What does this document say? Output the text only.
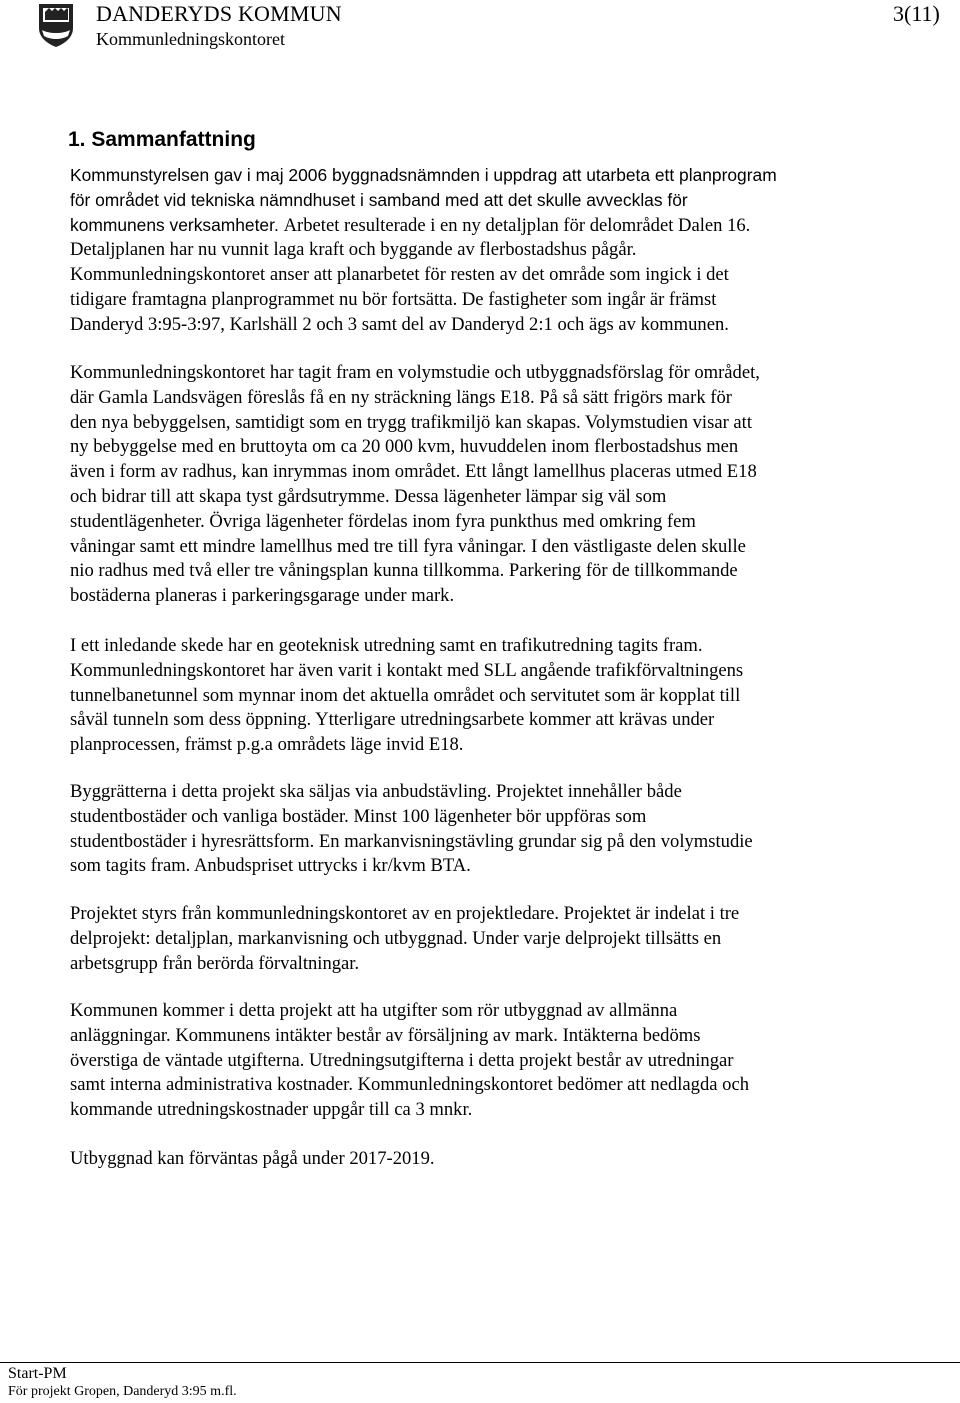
DANDERYDS KOMMUN
Kommunledningskontoret
3(11)
1. Sammanfattning

Kommunstyrelsen gav i maj 2006 byggnadsnämnden i uppdrag att utarbeta ett planprogram
för området vid tekniska nämndhuset i samband med att det skulle avvecklas för
kommunens verksamheter. Arbetet resulterade i en ny detaljplan för delområdet Dalen 16.
Detaljplanen har nu vunnit laga kraft och byggande av flerbostadshus pågår.
Kommunledningskontoret anser att planarbetet för resten av det område som ingick i det
tidigare framtagna planprogrammet nu bör fortsätta. De fastigheter som ingår är främst
Danderyd 3:95-3:97, Karlshäll 2 och 3 samt del av Danderyd 2:1 och ägs av kommunen.

Kommunledningskontoret har tagit fram en volymstudie och utbyggnadsförslag för området,
där Gamla Landsvägen föreslås få en ny sträckning längs E18. På så sätt frigörs mark för
den nya bebyggelsen, samtidigt som en trygg trafikmiljö kan skapas. Volymstudien visar att
ny bebyggelse med en bruttoyta om ca 20 000 kvm, huvuddelen inom flerbostadshus men
även i form av radhus, kan inrymmas inom området. Ett långt lamellhus placeras utmed E18
och bidrar till att skapa tyst gårdsutrymme. Dessa lägenheter lämpar sig väl som
studentlägenheter. Övriga lägenheter fördelas inom fyra punkthus med omkring fem
våningar samt ett mindre lamellhus med tre till fyra våningar. I den västligaste delen skulle
nio radhus med två eller tre våningsplan kunna tillkomma. Parkering för de tillkommande
bostäderna planeras i parkeringsgarage under mark.

I ett inledande skede har en geoteknisk utredning samt en trafikutredning tagits fram.
Kommunledningskontoret har även varit i kontakt med SLL angående trafikförvaltningens
tunnelbanetunnel som mynnar inom det aktuella området och servitutet som är kopplat till
såväl tunneln som dess öppning. Ytterligare utredningsarbete kommer att krävas under
planprocessen, främst p.g.a områdets läge invid E18.

Byggrätterna i detta projekt ska säljas via anbudstävling. Projektet innehåller både
studentbostäder och vanliga bostäder. Minst 100 lägenheter bör uppföras som
studentbostäder i hyresrättsform. En markanvisningstävling grundar sig på den volymstudie
som tagits fram. Anbudspriset uttrycks i kr/kvm BTA.

Projektet styrs från kommunledningskontoret av en projektledare. Projektet är indelat i tre
delprojekt: detaljplan, markanvisning och utbyggnad. Under varje delprojekt tillsätts en
arbetsgrupp från berörda förvaltningar.

Kommunen kommer i detta projekt att ha utgifter som rör utbyggnad av allmänna
anläggningar. Kommunens intäkter består av försäljning av mark. Intäkterna bedöms
överstiga de väntade utgifterna. Utredningsutgifterna i detta projekt består av utredningar
samt interna administrativa kostnader. Kommunledningskontoret bedömer att nedlagda och
kommande utredningskostnader uppgår till ca 3 mnkr.

Utbyggnad kan förväntas pågå under 2017-2019.

Start-PM
För projekt Gropen, Danderyd 3:95 m.fl.
